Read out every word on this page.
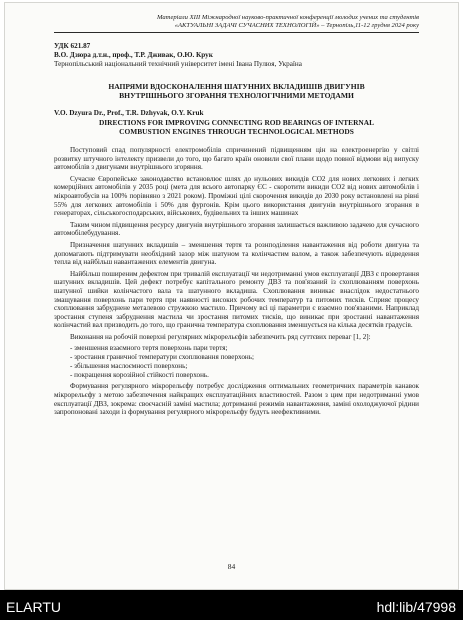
Матеріали XIII Міжнародної науково-практичної конференції молодих учених та студентів
«АКТУАЛЬНІ ЗАДАЧІ СУЧАСНИХ ТЕХНОЛОГІЙ» – Тернопіль,11-12 грудня 2024 року
УДК 621.87
В.О. Дзюра д.т.н., проф., Т.Р. Дживак, О.Ю. Крук
Тернопільський національний технічний університет імені Івана Пулюя, Україна
НАПРЯМИ ВДОСКОНАЛЕННЯ ШАТУННИХ ВКЛАДИШІВ ДВИГУНІВ
ВНУТРІШНЬОГО ЗГОРАННЯ ТЕХНОЛОГІЧНИМИ МЕТОДАМИ
V.O. Dzyura Dr., Prof., T.R. Dzhyvak, O.Y. Kruk
DIRECTIONS FOR IMPROVING CONNECTING ROD BEARINGS OF INTERNAL
COMBUSTION ENGINES THROUGH TECHNOLOGICAL METHODS

Поступовий спад популярності електромобілів спричинений підвищенням цін на електроенергію у світлі розвитку штучного інтелекту призвели до того, що багато країн оновили свої плани щодо повної відмови від випуску автомобілів з двигунами внутрішнього згоряння.

Сучасне Європейське законодавство встановлює шлях до нульових викидів CO2 для нових легкових і легких комерційних автомобілів у 2035 році (мета для всього автопарку ЄС - скоротити викиди CO2 від нових автомобілів і мікроавтобусів на 100% порівняно з 2021 роком). Проміжні цілі скорочення викидів до 2030 року встановлені на рівні 55% для легкових автомобілів і 50% для фургонів. Крім цього використання двигунів внутрішнього згорання в генераторах, сільськогосподарських, військових, будівельних та інших машинах

Таким чином підвищення ресурсу двигунів внутрішнього згорання залишається важливою задачею для сучасного автомобілебудування.

Призначення шатунних вкладишів – зменшення тертя та рознподілення навантаження від роботи двигуна та допомагають підтримувати необхідний зазор між шатуном та колінчастим валом, а також забезпечують відведення тепла від найбільш навантажених елементів двигуна.

Найбільш поширеним дефектом при тривалій експлуатації чи недотриманні умов експлуатації ДВЗ є провертання шатунних вкладишів. Цей дефект потребує капітального ремонту ДВЗ та пов'язаний із схоплюванням поверхонь шатунної шийки колінчастого вала та шатунного вкладиша. Схоплювання виникає внаслідок недостатнього змащування поверхонь пари тертя при наявності високих робочих температур та питомих тисків. Сприяє процесу схоплювання забруднене металевою стружкою мастило. Причому всі ці параметри є взаємно пов'язаними. Наприклад зростання ступеня забруднення мастила чи зростання питомих тисків, що виникає при зростанні навантаження колінчастий вал призводить до того, що гранична температура схоплювання зменшується на кілька десятків градусів.

Виконання на робочій поверхні регулярних мікрорельєфів забезпечить ряд суттєвих переваг [1, 2]:

- зменшення взаємного тертя поверхонь пари тертя;
- зростання граничної температури схоплювання поверхонь;
- збільшення маслоємності поверхонь;
- покращення корозійної стійкості поверхонь.

Формування регулярного мікрорельєфу потребує дослідження оптимальних геометричних параметрів канавок мікрорельєфу з метою забезпечення найкращих експлуатаційних властивостей. Разом з цим при недотриманні умов експлуатації ДВЗ, зокрема: своєчасній заміні мастила; дотриманні режимів навантаження, заміні охолоджуючої рідини запропоновані заходи із формування регулярного мікрорельєфу будуть неефективними.

84
ELARTU	hdl:lib/47998
